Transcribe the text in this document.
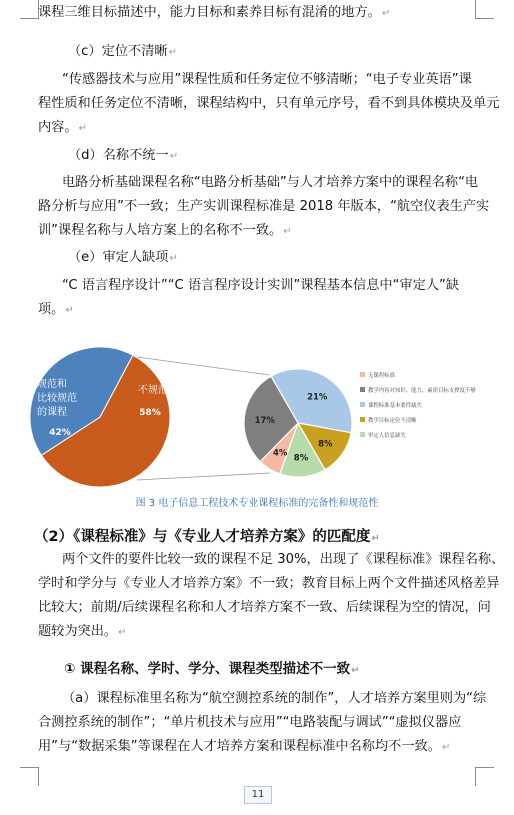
课程三维目标描述中，能力目标和素养目标有混淆的地方。↵
（c）定位不清晰↵
“传感器技术与应用”课程性质和任务定位不够清晰；“电子专业英语”课
程性质和任务定位不清晰，课程结构中，只有单元序号，看不到具体模块及单元
内容。↵
（d）名称不统一↵
电路分析基础课程名称“电路分析基础”与人才培养方案中的课程名称“电
路分析与应用”不一致；生产实训课程标准是 2018 年版本，“航空仪表生产实
训”课程名称与人培方案上的名称不一致。↵
（e）审定人缺项↵
“C 语言程序设计”“C 语言程序设计实训”课程基本信息中“审定人”缺
项。↵
不规范的课程
58%
规范和
比较规范
的课程
42%
21%
8%
8%
4%
17%
无课程标准
教学内容对知识、能力、素质目标支撑度不够
课程标准基本要件缺失
教学目标定位不清晰
审定人信息缺失
图 3 电子信息工程技术专业课程标准的完备性和规范性
（2）《课程标准》与《专业人才培养方案》的匹配度↵
两个文件的要件比较一致的课程不足 30%，出现了《课程标准》课程名称、
学时和学分与《专业人才培养方案》不一致；教育目标上两个文件描述风格差异
比较大；前期/后续课程名称和人才培养方案不一致、后续课程为空的情况，问
题较为突出。↵
① 课程名称、学时、学分、课程类型描述不一致↵
（a）课程标准里名称为“航空测控系统的制作”，人才培养方案里则为“综
合测控系统的制作”；“单片机技术与应用”“电路装配与调试”“虚拟仪器应
用”与“数据采集”等课程在人才培养方案和课程标准中名称均不一致。↵
11
